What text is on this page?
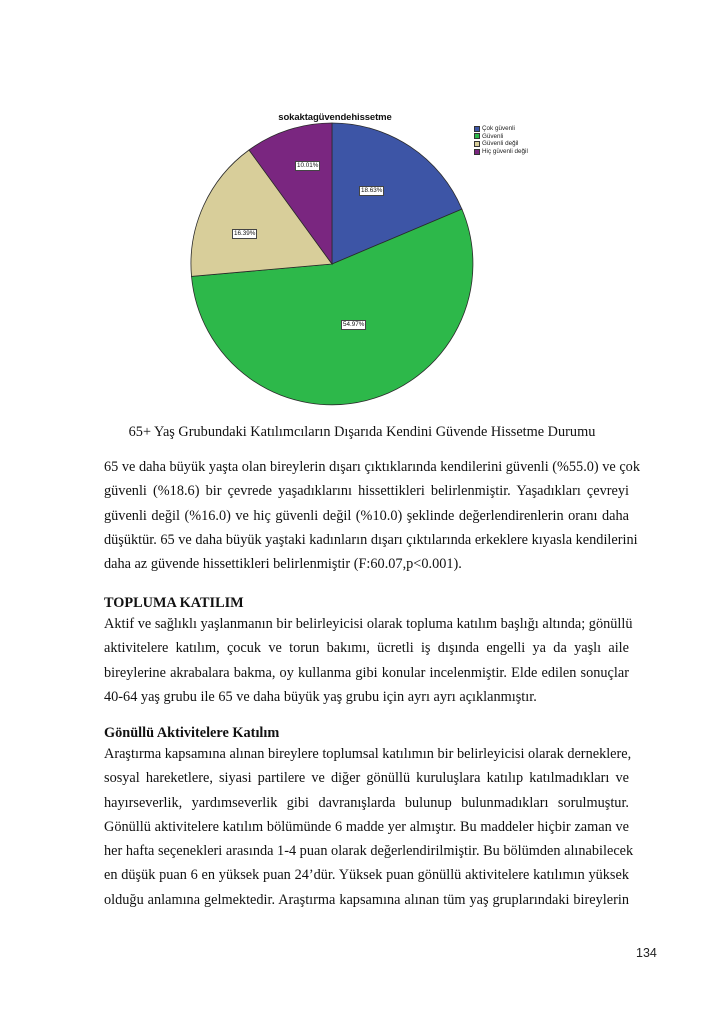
sokaktagüvendehissetme
Çok güvenli
Güvenli
Güvenli değil
Hiç güvenli değil
18.63%
54.97%
16.39%
10.01%
65+ Yaş Grubundaki Katılımcıların Dışarıda Kendini Güvende Hissetme Durumu

65 ve daha büyük yaşta olan bireylerin dışarı çıktıklarında kendilerini güvenli (%55.0) ve çok
güvenli (%18.6) bir çevrede yaşadıklarını hissettikleri belirlenmiştir. Yaşadıkları çevreyi
güvenli değil (%16.0) ve hiç güvenli değil (%10.0) şeklinde değerlendirenlerin oranı daha
düşüktür. 65 ve daha büyük yaştaki kadınların dışarı çıktılarında erkeklere kıyasla kendilerini
daha az güvende hissettikleri belirlenmiştir (F:60.07,p<0.001).

TOPLUMA KATILIM

Aktif ve sağlıklı yaşlanmanın bir belirleyicisi olarak topluma katılım başlığı altında; gönüllü
aktivitelere katılım, çocuk ve torun bakımı, ücretli iş dışında engelli ya da yaşlı aile
bireylerine akrabalara bakma, oy kullanma gibi konular incelenmiştir. Elde edilen sonuçlar
40-64 yaş grubu ile 65 ve daha büyük yaş grubu için ayrı ayrı açıklanmıştır.

Gönüllü Aktivitelere Katılım

Araştırma kapsamına alınan bireylere toplumsal katılımın bir belirleyicisi olarak derneklere,
sosyal hareketlere, siyasi partilere ve diğer gönüllü kuruluşlara katılıp katılmadıkları ve
hayırseverlik, yardımseverlik gibi davranışlarda bulunup bulunmadıkları sorulmuştur.
Gönüllü aktivitelere katılım bölümünde 6 madde yer almıştır. Bu maddeler hiçbir zaman ve
her hafta seçenekleri arasında 1-4 puan olarak değerlendirilmiştir. Bu bölümden alınabilecek
en düşük puan 6 en yüksek puan 24’dür. Yüksek puan gönüllü aktivitelere katılımın yüksek
olduğu anlamına gelmektedir. Araştırma kapsamına alınan tüm yaş gruplarındaki bireylerin

134
